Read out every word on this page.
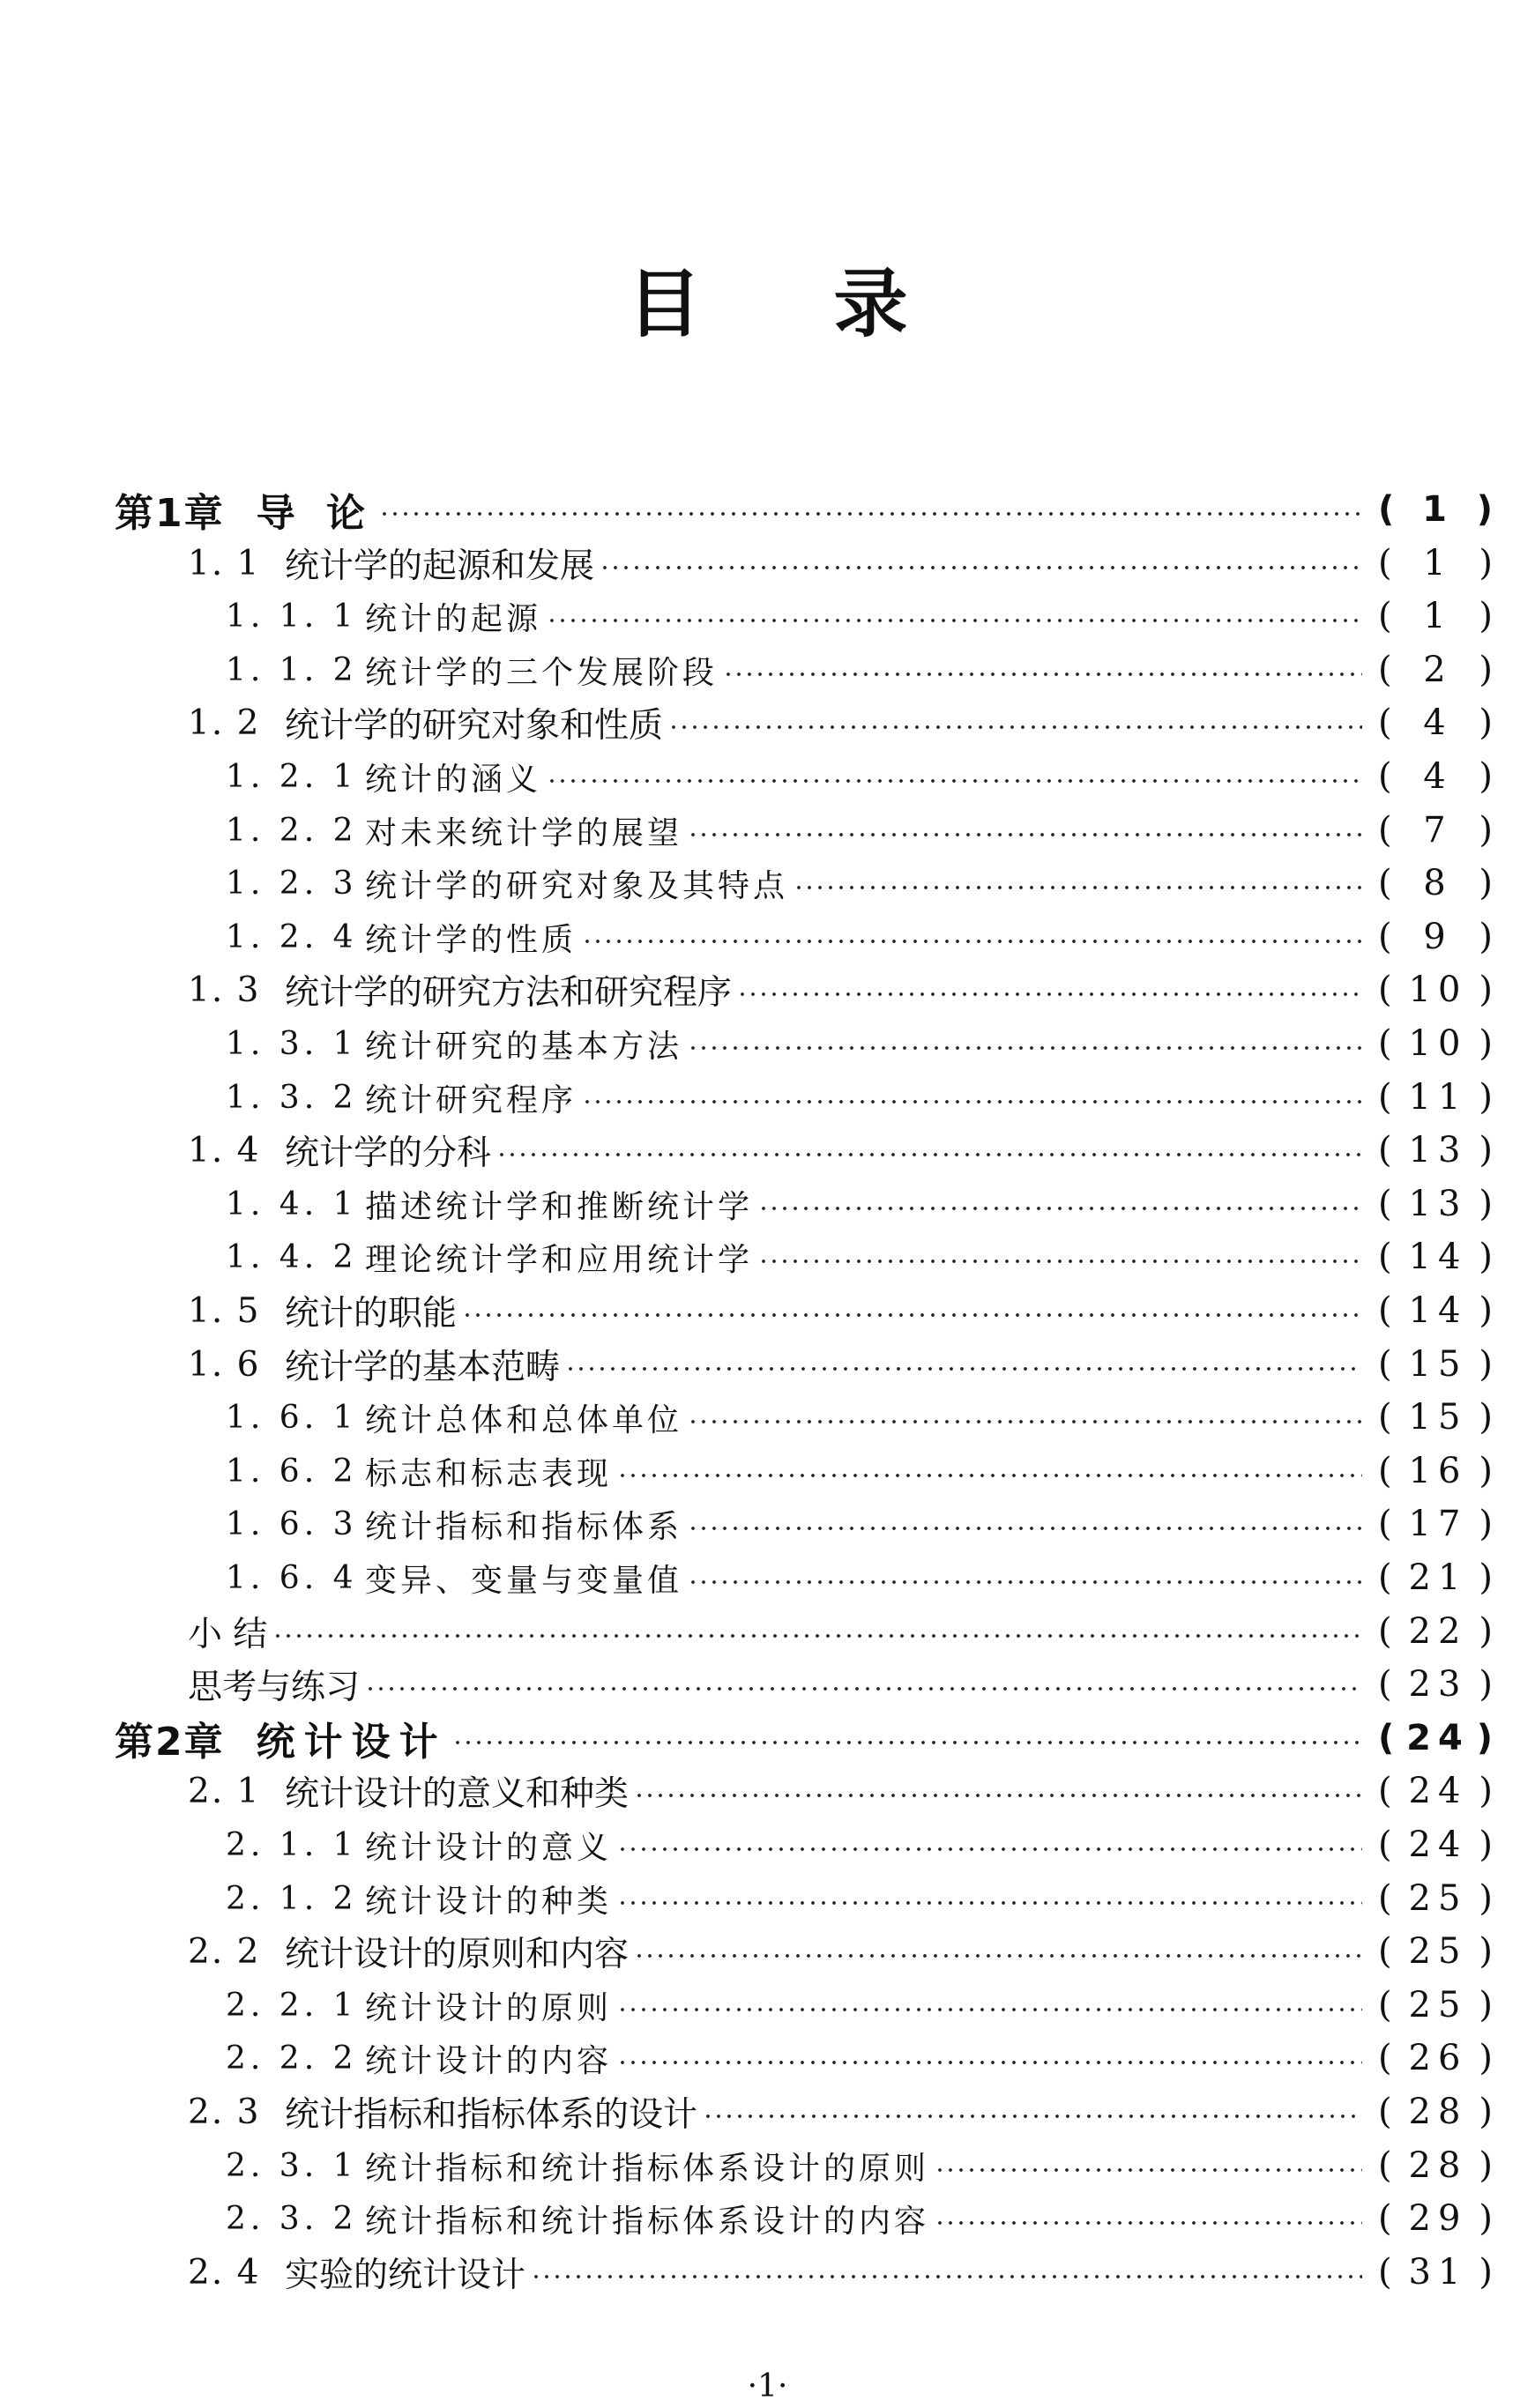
目 录
第1章 导 论	( 1 )
1. 1 统计学的起源和发展	( 1 )
1. 1. 1 统计的起源	( 1 )
1. 1. 2 统计学的三个发展阶段	( 2 )
1. 2 统计学的研究对象和性质	( 4 )
1. 2. 1 统计的涵义	( 4 )
1. 2. 2 对未来统计学的展望	( 7 )
1. 2. 3 统计学的研究对象及其特点	( 8 )
1. 2. 4 统计学的性质	( 9 )
1. 3 统计学的研究方法和研究程序	( 10 )
1. 3. 1 统计研究的基本方法	( 10 )
1. 3. 2 统计研究程序	( 11 )
1. 4 统计学的分科	( 13 )
1. 4. 1 描述统计学和推断统计学	( 13 )
1. 4. 2 理论统计学和应用统计学	( 14 )
1. 5 统计的职能	( 14 )
1. 6 统计学的基本范畴	( 15 )
1. 6. 1 统计总体和总体单位	( 15 )
1. 6. 2 标志和标志表现	( 16 )
1. 6. 3 统计指标和指标体系	( 17 )
1. 6. 4 变异、变量与变量值	( 21 )
小 结	( 22 )
思考与练习	( 23 )
第2章 统计设计	( 24 )
2. 1 统计设计的意义和种类	( 24 )
2. 1. 1 统计设计的意义	( 24 )
2. 1. 2 统计设计的种类	( 25 )
2. 2 统计设计的原则和内容	( 25 )
2. 2. 1 统计设计的原则	( 25 )
2. 2. 2 统计设计的内容	( 26 )
2. 3 统计指标和指标体系的设计	( 28 )
2. 3. 1 统计指标和统计指标体系设计的原则	( 28 )
2. 3. 2 统计指标和统计指标体系设计的内容	( 29 )
2. 4 实验的统计设计	( 31 )
·1·
